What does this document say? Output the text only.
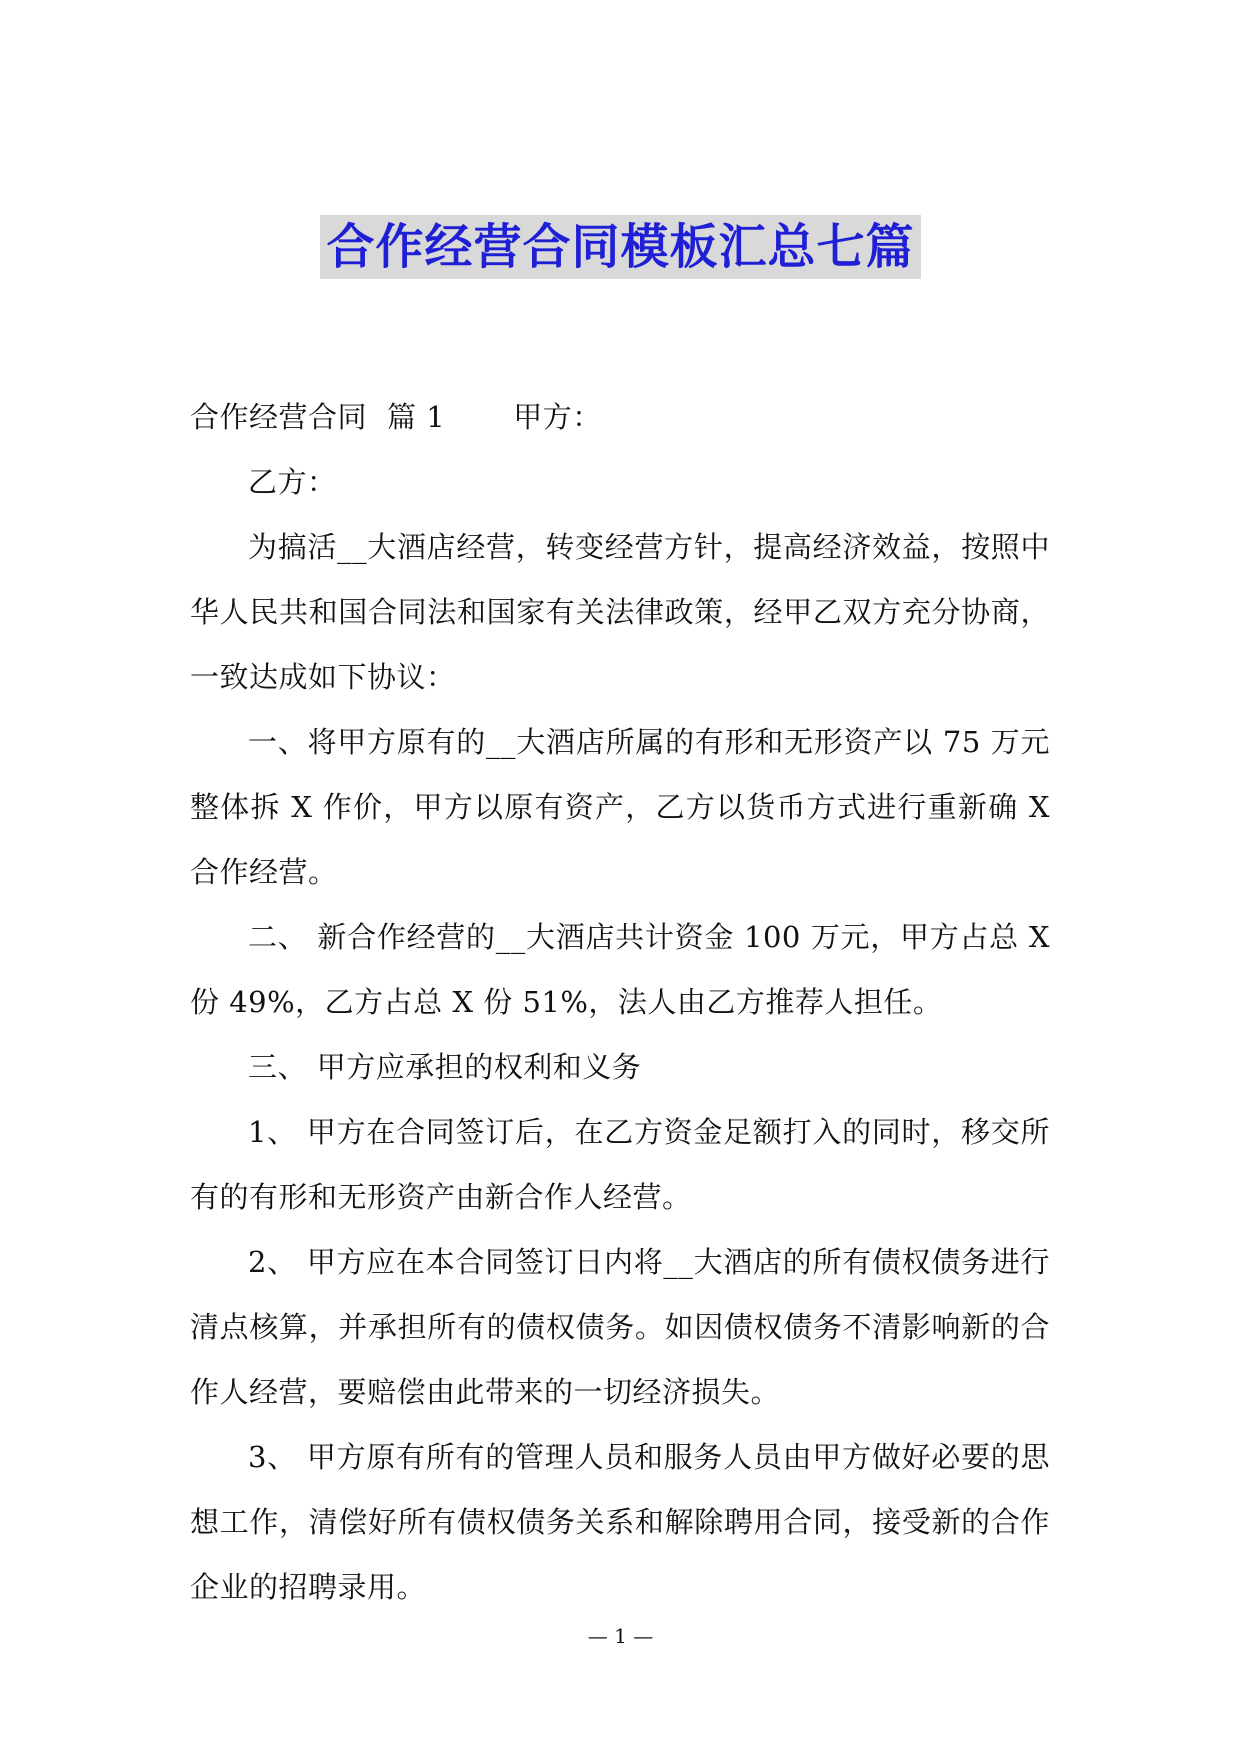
合作经营合同模板汇总七篇

合作经营合同 篇 1 甲方：

乙方：

为搞活__大酒店经营，转变经营方针，提高经济效益，按照中华人民共和国合同法和国家有关法律政策，经甲乙双方充分协商，一致达成如下协议：

一、将甲方原有的__大酒店所属的有形和无形资产以 75 万元整体拆 X 作价，甲方以原有资产，乙方以货币方式进行重新确 X 合作经营。

二、 新合作经营的__大酒店共计资金 100 万元，甲方占总 X 份 49%，乙方占总 X 份 51%，法人由乙方推荐人担任。

三、 甲方应承担的权利和义务

1、 甲方在合同签订后，在乙方资金足额打入的同时，移交所有的有形和无形资产由新合作人经营。

2、 甲方应在本合同签订日内将__大酒店的所有债权债务进行清点核算，并承担所有的债权债务。如因债权债务不清影响新的合作人经营，要赔偿由此带来的一切经济损失。

3、 甲方原有所有的管理人员和服务人员由甲方做好必要的思想工作，清偿好所有债权债务关系和解除聘用合同，接受新的合作企业的招聘录用。

— 1 —
